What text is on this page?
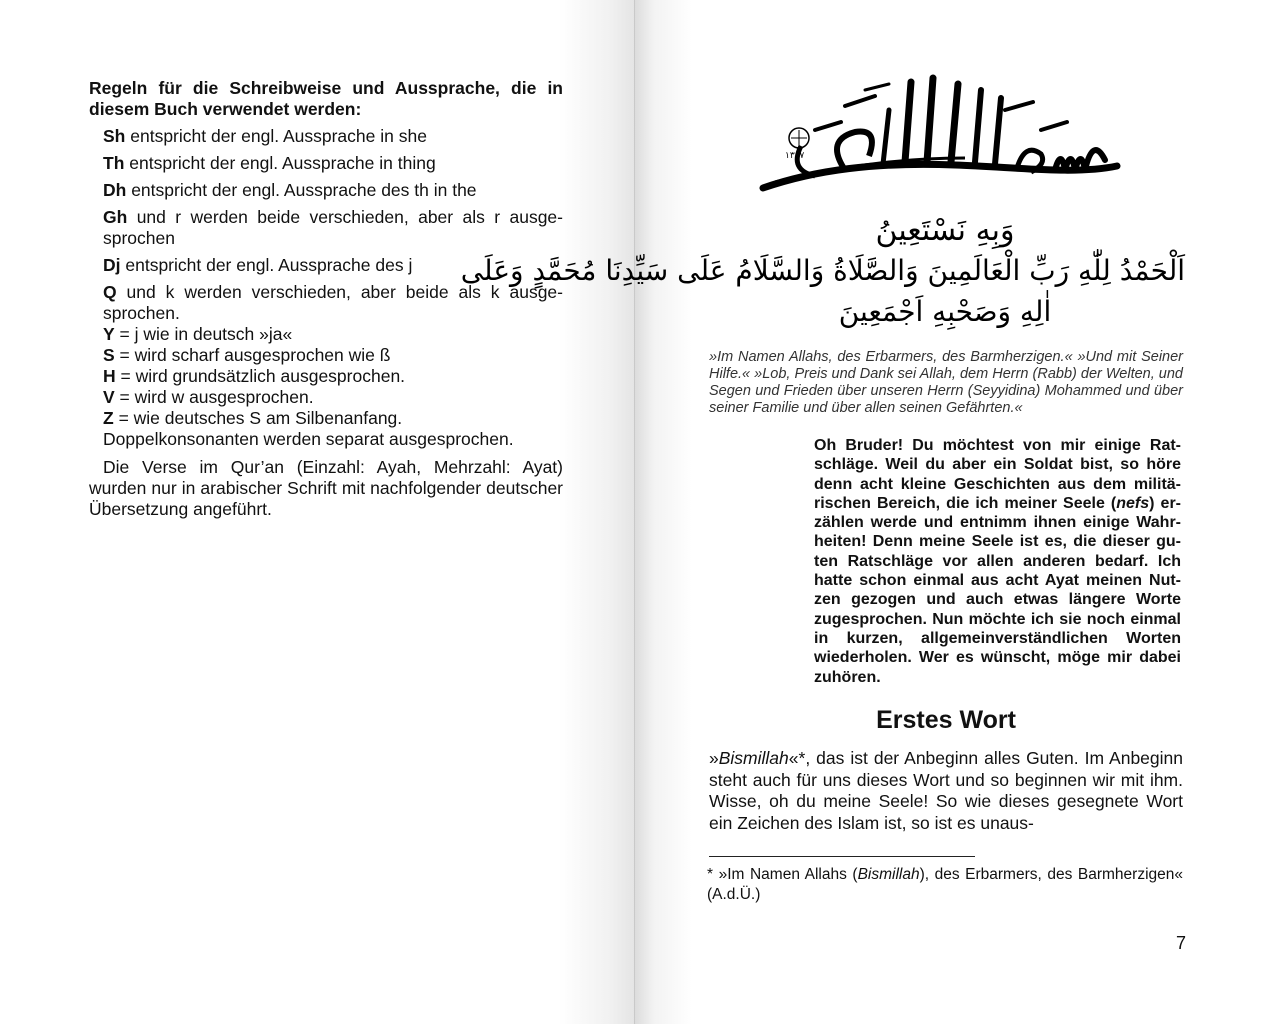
Regeln für die Schreibweise und Aussprache, die in diesem Buch verwendet werden:

Sh entspricht der engl. Aussprache in she

Th entspricht der engl. Aussprache in thing

Dh entspricht der engl. Aussprache des th in the

Gh und r werden beide verschieden, aber als r ausgesprochen

Dj entspricht der engl. Aussprache des j

Q und k werden verschieden, aber beide als k ausgesprochen.

Y = j wie in deutsch »ja«
S = wird scharf ausgesprochen wie ß
H = wird grundsätzlich ausgesprochen.
V = wird w ausgesprochen.
Z = wie deutsches S am Silbenanfang.
Doppelkonsonanten werden separat ausgesprochen.

Die Verse im Qur’an (Einzahl: Ayah, Mehrzahl: Ayat) wurden nur in arabischer Schrift mit nachfolgender deutscher Übersetzung angeführt.

١٣٤٧
وَبِهِ نَسْتَعِينُ
اَلْحَمْدُ لِلّٰهِ رَبِّ الْعَالَمِينَ وَالصَّلَاةُ وَالسَّلَامُ عَلَى سَيِّدِنَا مُحَمَّدٍ وَعَلَى
اٰلِهِ وَصَحْبِهِ اَجْمَعِينَ
»Im Namen Allahs, des Erbarmers, des Barmherzigen.« »Und mit Seiner Hilfe.« »Lob, Preis und Dank sei Allah, dem Herrn (Rabb) der Welten, und Segen und Frieden über unseren Herrn (Seyyidina) Mohammed und über seiner Familie und über allen seinen Gefährten.«
Oh Bruder! Du möchtest von mir einige Ratschläge. Weil du aber ein Soldat bist, so höre denn acht kleine Geschichten aus dem militärischen Bereich, die ich meiner Seele (nefs) erzählen werde und entnimm ihnen einige Wahrheiten! Denn meine Seele ist es, die dieser guten Ratschläge vor allen anderen bedarf. Ich hatte schon einmal aus acht Ayat meinen Nutzen gezogen und auch etwas längere Worte zugesprochen. Nun möchte ich sie noch einmal in kurzen, allgemeinverständlichen Worten wiederholen. Wer es wünscht, möge mir dabei zuhören.
Erstes Wort
»Bismillah«*, das ist der Anbeginn alles Guten. Im Anbeginn steht auch für uns dieses Wort und so beginnen wir mit ihm. Wisse, oh du meine Seele! So wie dieses gesegnete Wort ein Zeichen des Islam ist, so ist es unaus-
* »Im Namen Allahs (Bismillah), des Erbarmers, des Barmherzigen« (A.d.Ü.)
7
